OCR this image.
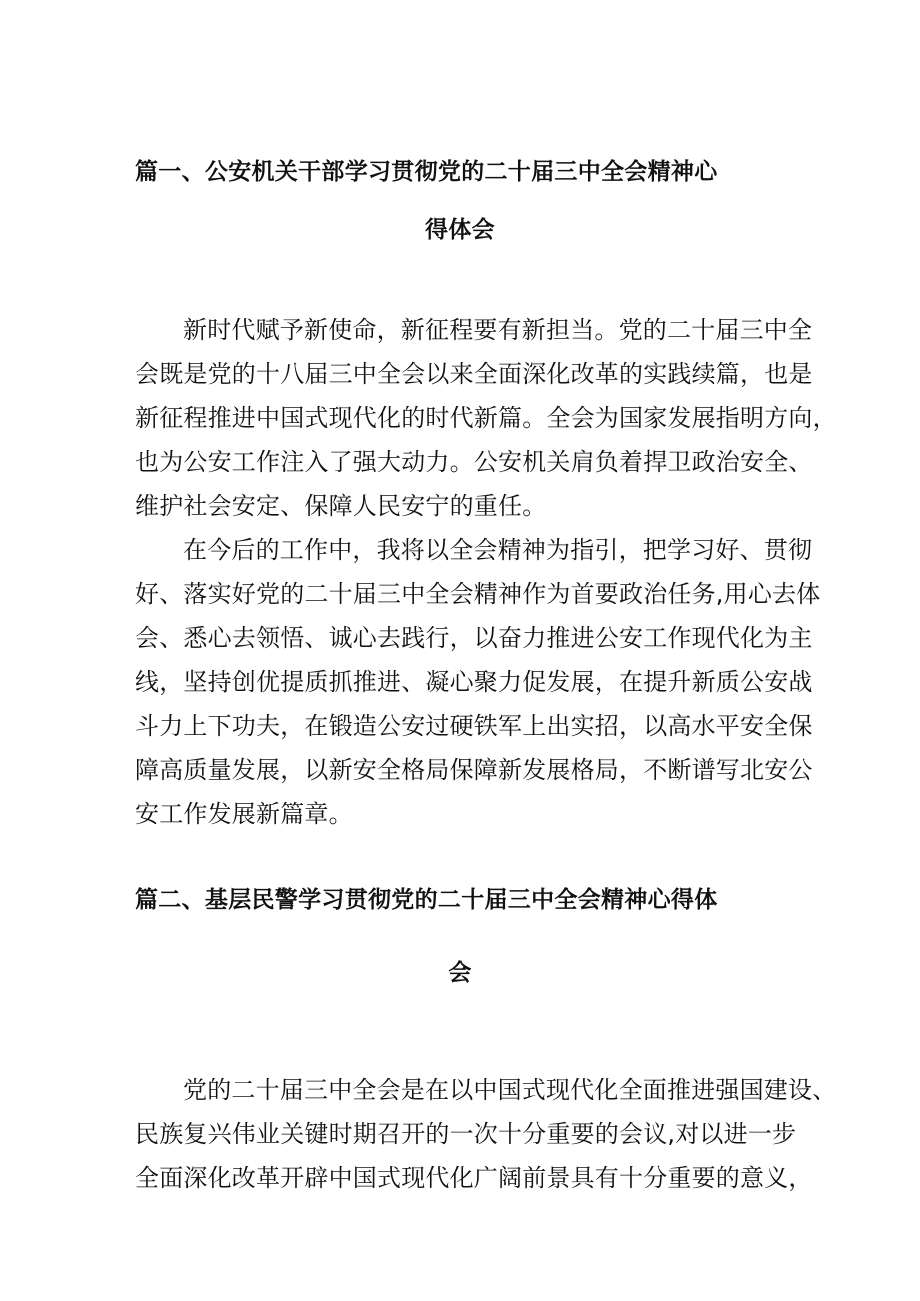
篇一、公安机关干部学习贯彻党的二十届三中全会精神心
得体会
新时代赋予新使命，新征程要有新担当。党的二十届三中全
会既是党的十八届三中全会以来全面深化改革的实践续篇，也是
新征程推进中国式现代化的时代新篇。全会为国家发展指明方向，
也为公安工作注入了强大动力。公安机关肩负着捍卫政治安全、
维护社会安定、保障人民安宁的重任。
在今后的工作中，我将以全会精神为指引，把学习好、贯彻
好、落实好党的二十届三中全会精神作为首要政治任务,用心去体
会、悉心去领悟、诚心去践行，以奋力推进公安工作现代化为主
线，坚持创优提质抓推进、凝心聚力促发展，在提升新质公安战
斗力上下功夫，在锻造公安过硬铁军上出实招，以高水平安全保
障高质量发展，以新安全格局保障新发展格局，不断谱写北安公
安工作发展新篇章。
篇二、基层民警学习贯彻党的二十届三中全会精神心得体
会
党的二十届三中全会是在以中国式现代化全面推进强国建设、
民族复兴伟业关键时期召开的一次十分重要的会议,对以进一步
全面深化改革开辟中国式现代化广阔前景具有十分重要的意义，
